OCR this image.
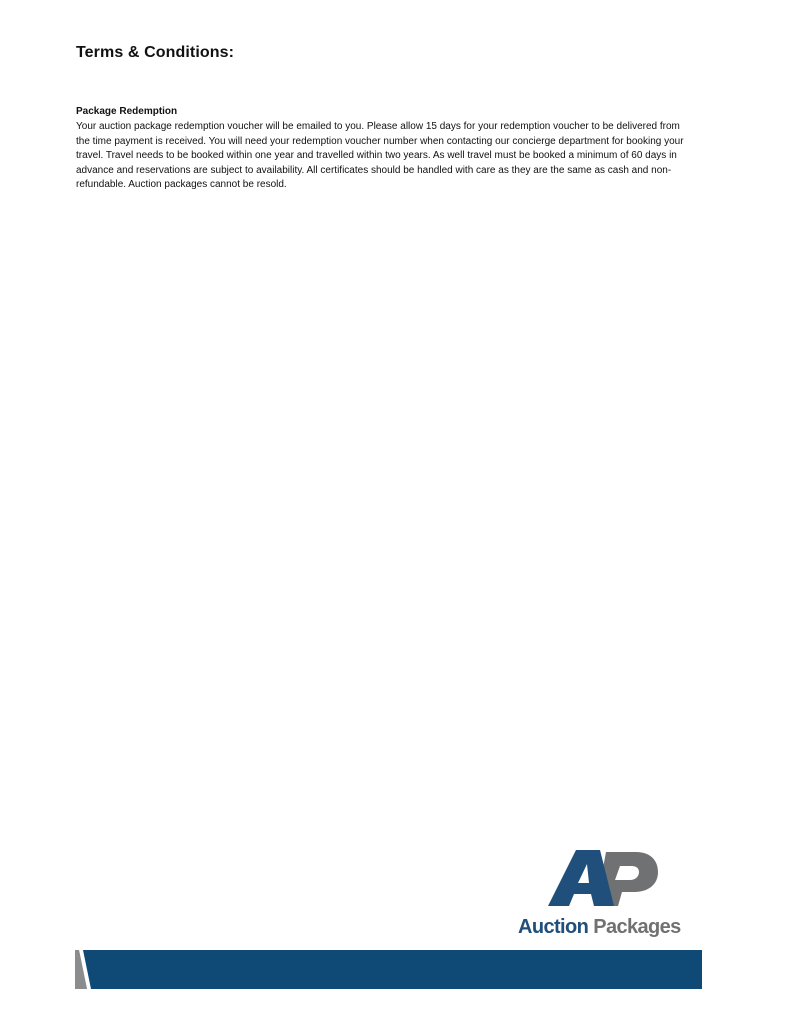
Terms & Conditions:

Package Redemption

Your auction package redemption voucher will be emailed to you. Please allow 15 days for your redemption voucher to be delivered from the time payment is received. You will need your redemption voucher number when contacting our concierge department for booking your travel. Travel needs to be booked within one year and travelled within two years. As well travel must be booked a minimum of 60 days in advance and reservations are subject to availability. All certificates should be handled with care as they are the same as cash and non-refundable. Auction packages cannot be resold.

Auction Packages
